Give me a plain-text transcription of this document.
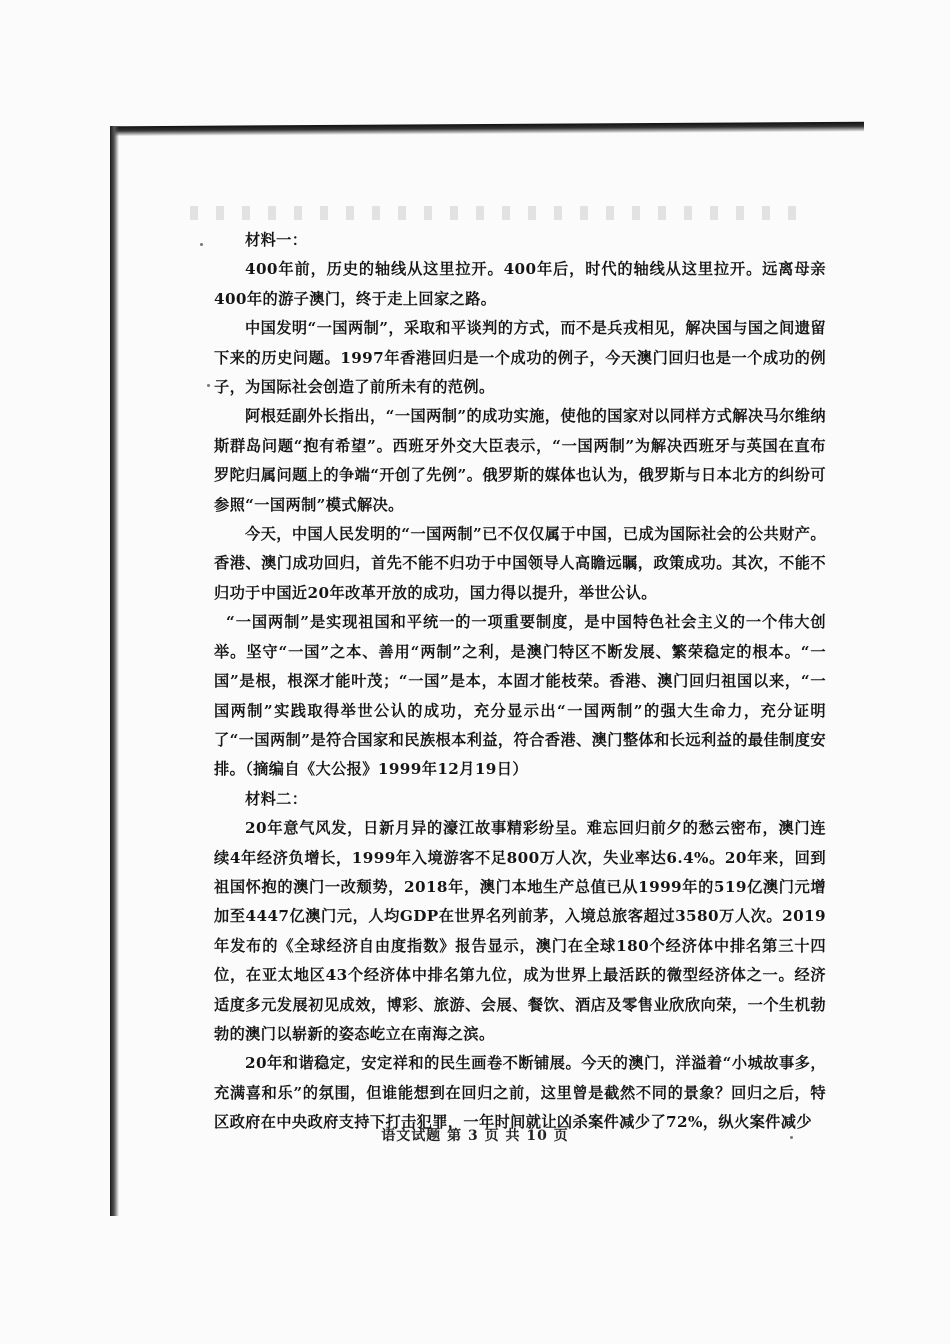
材料一：

400年前，历史的轴线从这里拉开。400年后，时代的轴线从这里拉开。远离母亲400年的游子澳门，终于走上回家之路。

中国发明“一国两制”，采取和平谈判的方式，而不是兵戎相见，解决国与国之间遗留下来的历史问题。1997年香港回归是一个成功的例子，今天澳门回归也是一个成功的例子，为国际社会创造了前所未有的范例。

阿根廷副外长指出，“一国两制”的成功实施，使他的国家对以同样方式解决马尔维纳斯群岛问题“抱有希望”。西班牙外交大臣表示，“一国两制”为解决西班牙与英国在直布罗陀归属问题上的争端“开创了先例”。俄罗斯的媒体也认为，俄罗斯与日本北方的纠纷可参照“一国两制”模式解决。

今天，中国人民发明的“一国两制”已不仅仅属于中国，已成为国际社会的公共财产。香港、澳门成功回归，首先不能不归功于中国领导人高瞻远瞩，政策成功。其次，不能不归功于中国近20年改革开放的成功，国力得以提升，举世公认。

“一国两制”是实现祖国和平统一的一项重要制度，是中国特色社会主义的一个伟大创举。坚守“一国”之本、善用“两制”之利，是澳门特区不断发展、繁荣稳定的根本。“一国”是根，根深才能叶茂；“一国”是本，本固才能枝荣。香港、澳门回归祖国以来，“一国两制”实践取得举世公认的成功，充分显示出“一国两制”的强大生命力，充分证明了“一国两制”是符合国家和民族根本利益，符合香港、澳门整体和长远利益的最佳制度安排。（摘编自《大公报》1999年12月19日）

材料二：

20年意气风发，日新月异的濠江故事精彩纷呈。难忘回归前夕的愁云密布，澳门连续4年经济负增长，1999年入境游客不足800万人次，失业率达6.4%。20年来，回到祖国怀抱的澳门一改颓势，2018年，澳门本地生产总值已从1999年的519亿澳门元增加至4447亿澳门元，人均GDP在世界名列前茅，入境总旅客超过3580万人次。2019年发布的《全球经济自由度指数》报告显示，澳门在全球180个经济体中排名第三十四位，在亚太地区43个经济体中排名第九位，成为世界上最活跃的微型经济体之一。经济适度多元发展初见成效，博彩、旅游、会展、餐饮、酒店及零售业欣欣向荣，一个生机勃勃的澳门以崭新的姿态屹立在南海之滨。

20年和谐稳定，安定祥和的民生画卷不断铺展。今天的澳门，洋溢着“小城故事多，充满喜和乐”的氛围，但谁能想到在回归之前，这里曾是截然不同的景象？回归之后，特区政府在中央政府支持下打击犯罪，一年时间就让凶杀案件减少了72%，纵火案件减少

语文试题 第 3 页 共 10 页
